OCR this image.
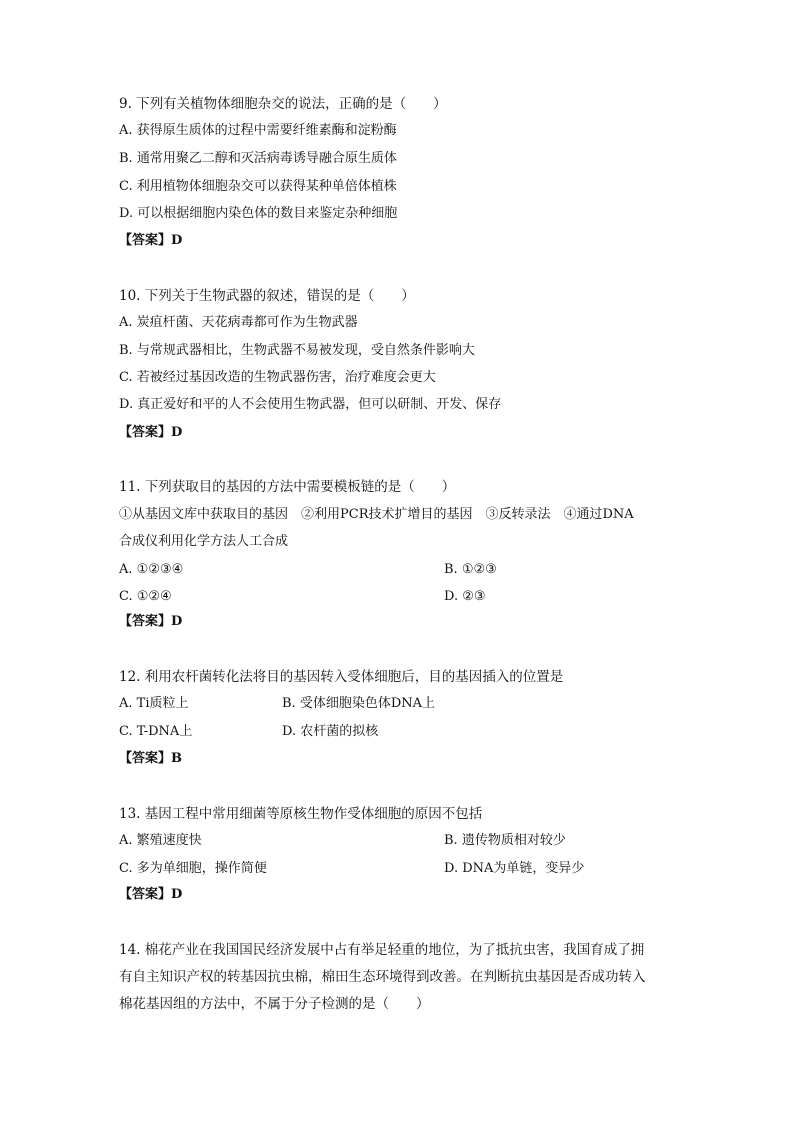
9. 下列有关植物体细胞杂交的说法，正确的是（　　）
A. 获得原生质体的过程中需要纤维素酶和淀粉酶
B. 通常用聚乙二醇和灭活病毒诱导融合原生质体
C. 利用植物体细胞杂交可以获得某种单倍体植株
D. 可以根据细胞内染色体的数目来鉴定杂种细胞
【答案】D
10. 下列关于生物武器的叙述，错误的是（　　）
A. 炭疽杆菌、天花病毒都可作为生物武器
B. 与常规武器相比，生物武器不易被发现，受自然条件影响大
C. 若被经过基因改造的生物武器伤害，治疗难度会更大
D. 真正爱好和平的人不会使用生物武器，但可以研制、开发、保存
【答案】D
11. 下列获取目的基因的方法中需要模板链的是（　　）
①从基因文库中获取目的基因　②利用PCR技术扩增目的基因　③反转录法　④通过DNA
合成仪利用化学方法人工合成
A. ①②③④	B. ①②③
C. ①②④	D. ②③
【答案】D
12. 利用农杆菌转化法将目的基因转入受体细胞后，目的基因插入的位置是
A. Ti质粒上	B. 受体细胞染色体DNA上
C. T-DNA上	D. 农杆菌的拟核
【答案】B
13. 基因工程中常用细菌等原核生物作受体细胞的原因不包括
A. 繁殖速度快	B. 遗传物质相对较少
C. 多为单细胞，操作简便	D. DNA为单链，变异少
【答案】D
14. 棉花产业在我国国民经济发展中占有举足轻重的地位，为了抵抗虫害，我国育成了拥
有自主知识产权的转基因抗虫棉，棉田生态环境得到改善。在判断抗虫基因是否成功转入
棉花基因组的方法中，不属于分子检测的是（　　）
